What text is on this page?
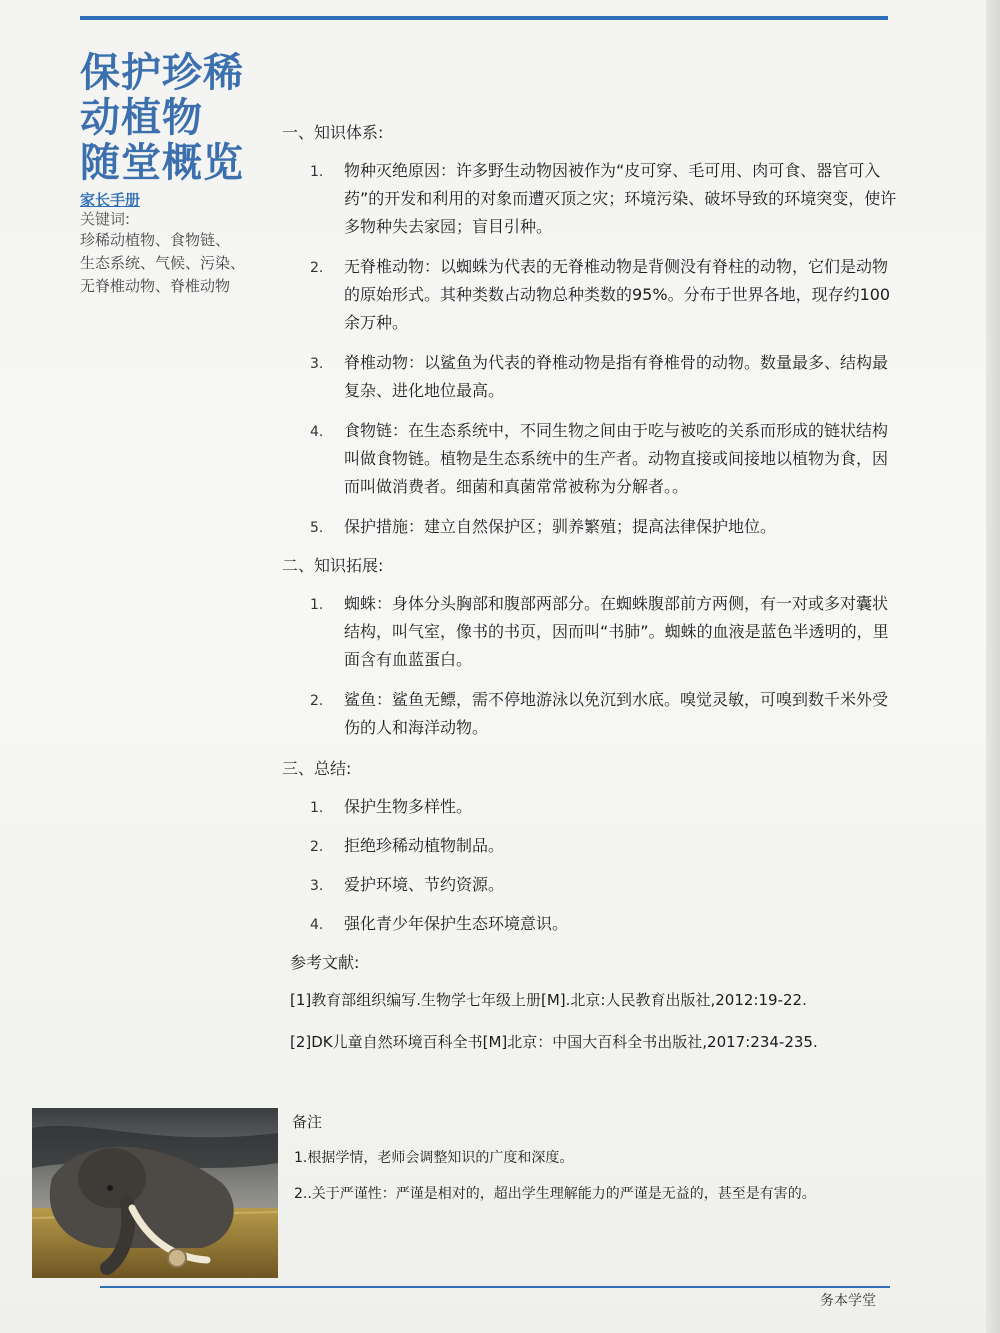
保护珍稀
动植物
随堂概览
家长手册
关键词:
珍稀动植物、食物链、
生态系统、气候、污染、
无脊椎动物、脊椎动物
一、知识体系:
1. 物种灭绝原因：许多野生动物因被作为“皮可穿、毛可用、肉可食、器官可入药”的开发和利用的对象而遭灭顶之灾；环境污染、破坏导致的环境突变，使许多物种失去家园；盲目引种。
2. 无脊椎动物：以蜘蛛为代表的无脊椎动物是背侧没有脊柱的动物，它们是动物的原始形式。其种类数占动物总种类数的95%。分布于世界各地，现存约100余万种。
3. 脊椎动物：以鲨鱼为代表的脊椎动物是指有脊椎骨的动物。数量最多、结构最复杂、进化地位最高。
4. 食物链：在生态系统中，不同生物之间由于吃与被吃的关系而形成的链状结构叫做食物链。植物是生态系统中的生产者。动物直接或间接地以植物为食，因而叫做消费者。细菌和真菌常常被称为分解者。。
5. 保护措施：建立自然保护区；驯养繁殖；提高法律保护地位。
二、知识拓展:
1. 蜘蛛：身体分头胸部和腹部两部分。在蜘蛛腹部前方两侧，有一对或多对囊状结构，叫气室，像书的书页，因而叫“书肺”。蜘蛛的血液是蓝色半透明的，里面含有血蓝蛋白。
2. 鲨鱼：鲨鱼无鳔，需不停地游泳以免沉到水底。嗅觉灵敏，可嗅到数千米外受伤的人和海洋动物。
三、总结:
1. 保护生物多样性。
2. 拒绝珍稀动植物制品。
3. 爱护环境、节约资源。
4. 强化青少年保护生态环境意识。
参考文献:

[1]教育部组织编写.生物学七年级上册[M].北京:人民教育出版社,2012:19-22.

[2]DK儿童自然环境百科全书[M]北京：中国大百科全书出版社,2017:234-235.

备注

1.根据学情，老师会调整知识的广度和深度。

2..关于严谨性：严谨是相对的，超出学生理解能力的严谨是无益的，甚至是有害的。

务本学堂
